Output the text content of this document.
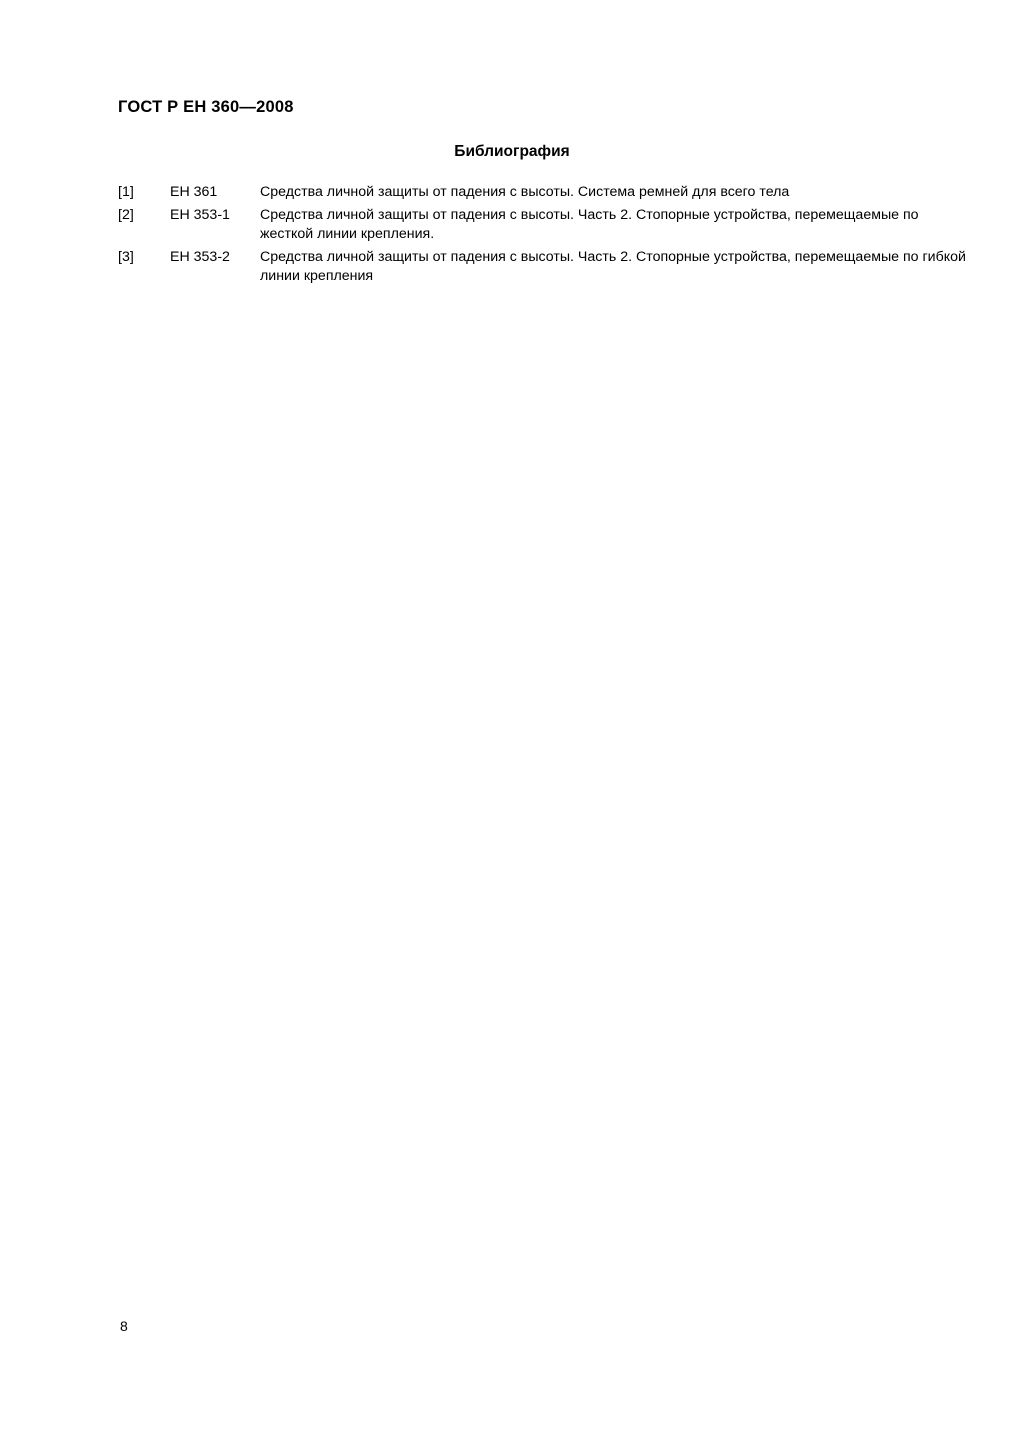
ГОСТ Р ЕН 360—2008
Библиография
[1]	ЕН 361	Средства личной защиты от падения с высоты. Система ремней для всего тела
[2]	ЕН 353-1	Средства личной защиты от падения с высоты. Часть 2. Стопорные устройства, перемещаемые по жесткой линии крепления.
[3]	ЕН 353-2	Средства личной защиты от падения с высоты. Часть 2. Стопорные устройства, перемещаемые по гибкой линии крепления
8
